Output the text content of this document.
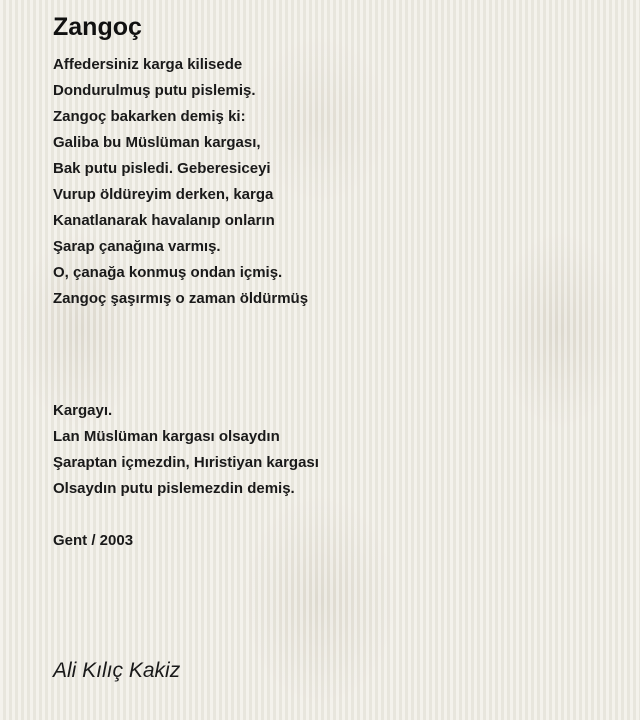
Zangoç
Affedersiniz karga kilisede
Dondurulmuş putu pislemiş.
Zangoç bakarken demiş ki:
Galiba bu Müslüman kargası,
Bak putu pisledi. Geberesiceyi
Vurup öldüreyim derken, karga
Kanatlanarak havalanıp onların
Şarap çanağına varmış.
O, çanağa konmuş ondan içmiş.
Zangoç şaşırmış o zaman öldürmüş
Kargayı.
Lan Müslüman kargası olsaydın
Şaraptan içmezdin, Hıristiyan kargası
Olsaydın putu pislemezdin demiş.
Gent / 2003
Ali Kılıç Kakiz
